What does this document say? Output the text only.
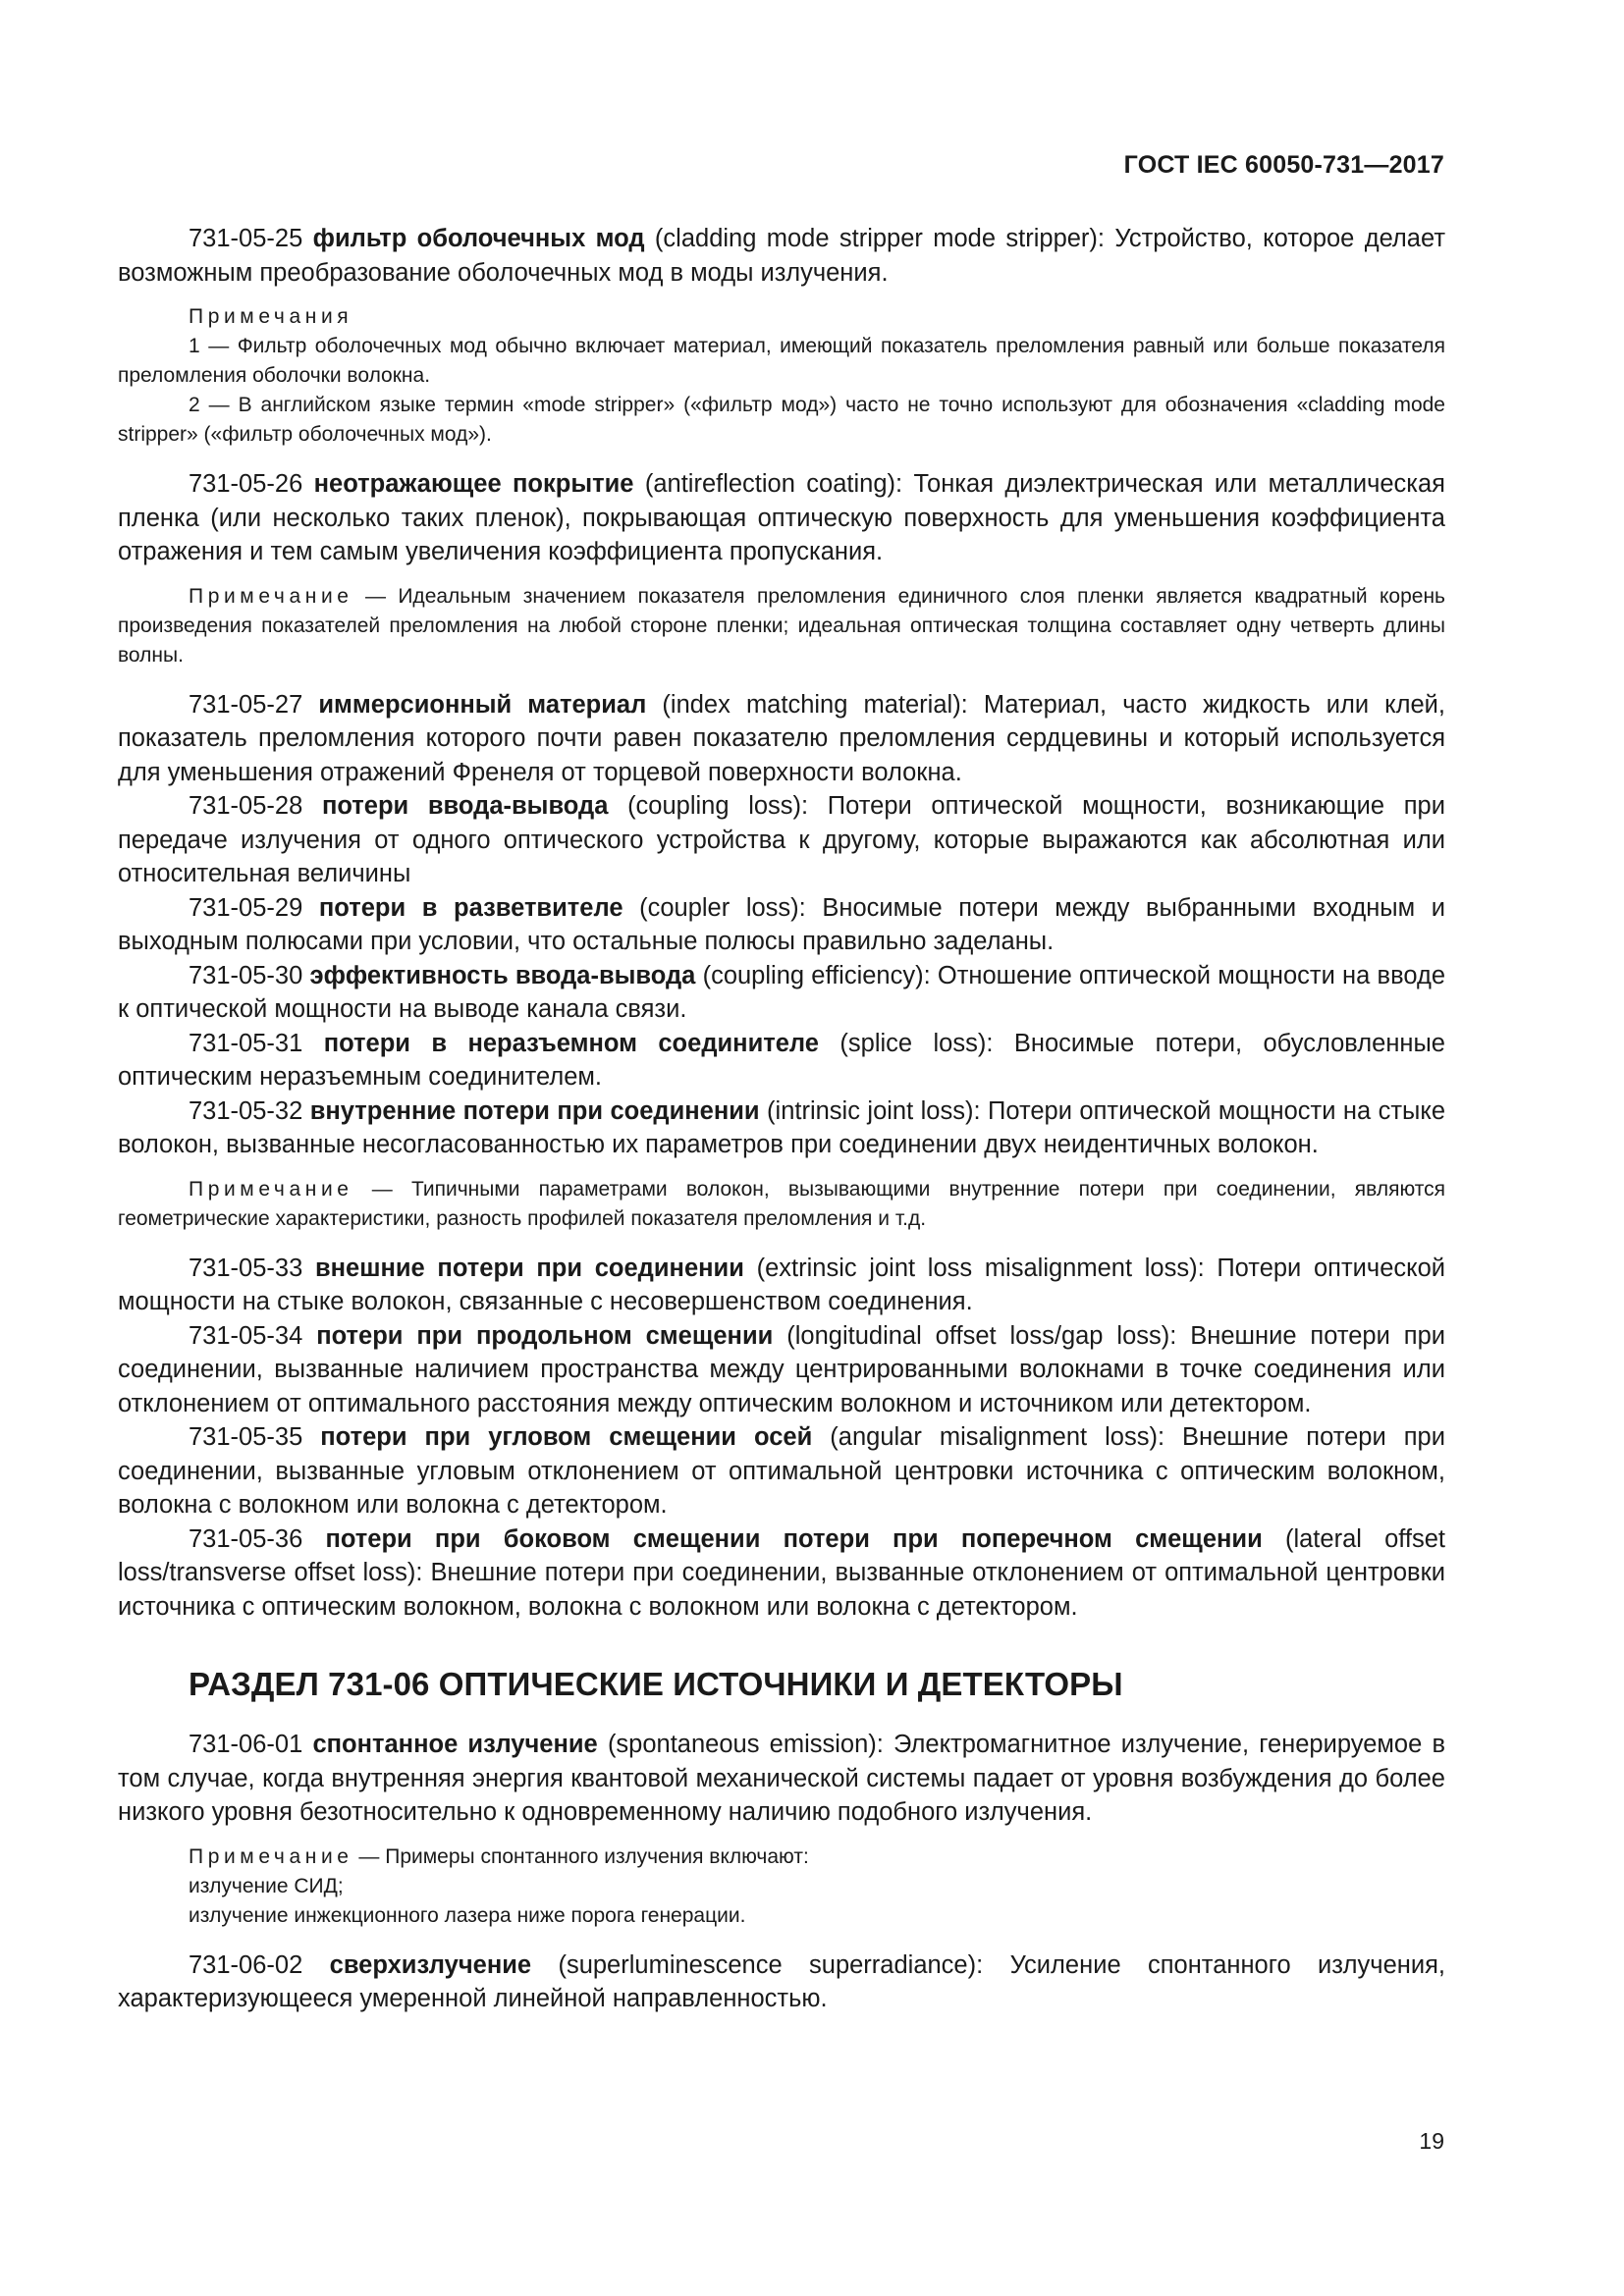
ГОСТ IEC 60050-731—2017

731-05-25 фильтр оболочечных мод (cladding mode stripper mode stripper): Устройство, которое делает возможным преобразование оболочечных мод в моды излучения.

Примечания

1 — Фильтр оболочечных мод обычно включает материал, имеющий показатель преломления равный или больше показателя преломления оболочки волокна.

2 — В английском языке термин «mode stripper» («фильтр мод») часто не точно используют для обозначения «cladding mode stripper» («фильтр оболочечных мод»).

731-05-26 неотражающее покрытие (antireflection coating): Тонкая диэлектрическая или металлическая пленка (или несколько таких пленок), покрывающая оптическую поверхность для уменьшения коэффициента отражения и тем самым увеличения коэффициента пропускания.

Примечание — Идеальным значением показателя преломления единичного слоя пленки является квадратный корень произведения показателей преломления на любой стороне пленки; идеальная оптическая толщина составляет одну четверть длины волны.

731-05-27 иммерсионный материал (index matching material): Материал, часто жидкость или клей, показатель преломления которого почти равен показателю преломления сердцевины и который используется для уменьшения отражений Френеля от торцевой поверхности волокна.

731-05-28 потери ввода-вывода (coupling loss): Потери оптической мощности, возникающие при передаче излучения от одного оптического устройства к другому, которые выражаются как абсолютная или относительная величины

731-05-29 потери в разветвителе (coupler loss): Вносимые потери между выбранными входным и выходным полюсами при условии, что остальные полюсы правильно заделаны.

731-05-30 эффективность ввода-вывода (coupling efficiency): Отношение оптической мощности на вводе к оптической мощности на выводе канала связи.

731-05-31 потери в неразъемном соединителе (splice loss): Вносимые потери, обусловленные оптическим неразъемным соединителем.

731-05-32 внутренние потери при соединении (intrinsic joint loss): Потери оптической мощности на стыке волокон, вызванные несогласованностью их параметров при соединении двух неидентичных волокон.

Примечание — Типичными параметрами волокон, вызывающими внутренние потери при соединении, являются геометрические характеристики, разность профилей показателя преломления и т.д.

731-05-33 внешние потери при соединении (extrinsic joint loss misalignment loss): Потери оптической мощности на стыке волокон, связанные с несовершенством соединения.

731-05-34 потери при продольном смещении (longitudinal offset loss/gap loss): Внешние потери при соединении, вызванные наличием пространства между центрированными волокнами в точке соединения или отклонением от оптимального расстояния между оптическим волокном и источником или детектором.

731-05-35 потери при угловом смещении осей (angular misalignment loss): Внешние потери при соединении, вызванные угловым отклонением от оптимальной центровки источника с оптическим волокном, волокна с волокном или волокна с детектором.

731-05-36 потери при боковом смещении потери при поперечном смещении (lateral offset loss/transverse offset loss): Внешние потери при соединении, вызванные отклонением от оптимальной центровки источника с оптическим волокном, волокна с волокном или волокна с детектором.

РАЗДЕЛ 731-06 ОПТИЧЕСКИЕ ИСТОЧНИКИ И ДЕТЕКТОРЫ

731-06-01 спонтанное излучение (spontaneous emission): Электромагнитное излучение, генерируемое в том случае, когда внутренняя энергия квантовой механической системы падает от уровня возбуждения до более низкого уровня безотносительно к одновременному наличию подобного излучения.

Примечание — Примеры спонтанного излучения включают:

излучение СИД;

излучение инжекционного лазера ниже порога генерации.

731-06-02 сверхизлучение (superluminescence superradiance): Усиление спонтанного излучения, характеризующееся умеренной линейной направленностью.

19
